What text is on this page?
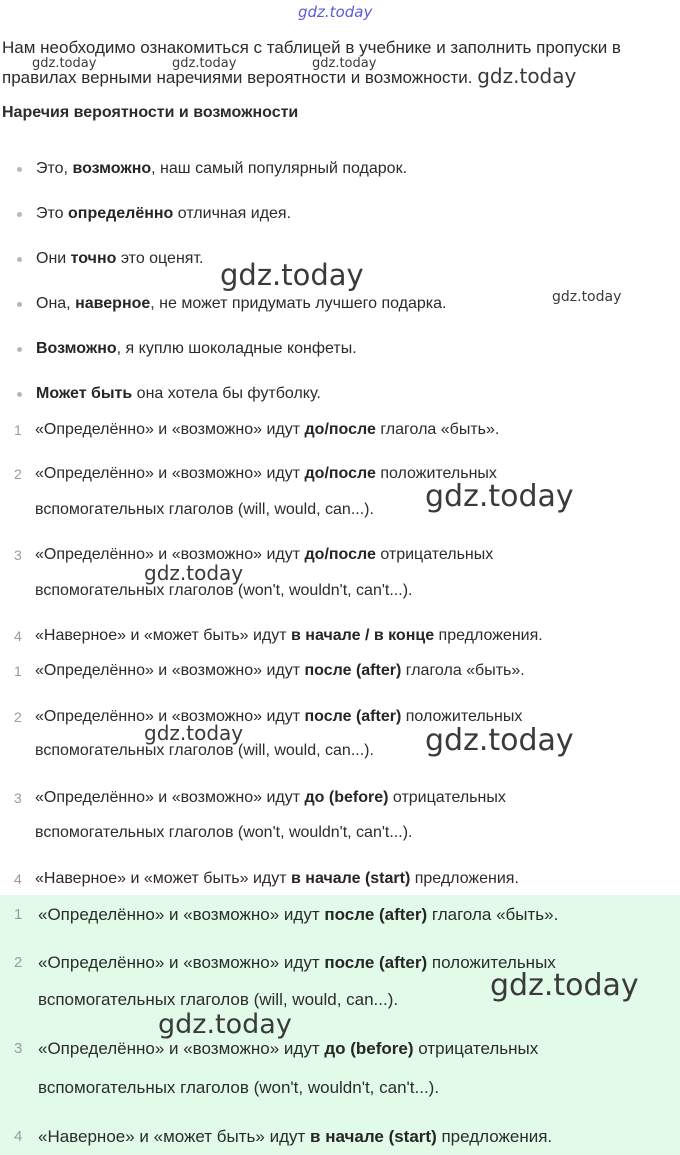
gdz.today
Нам необходимо ознакомиться с таблицей в учебнике и заполнить пропуски в
правилах верными наречиями вероятности и возможности. gdz.today
gdz.today	gdz.today	gdz.today
Наречия вероятности и возможности
Это, возможно, наш самый популярный подарок.
Это определённо отличная идея.
Они точно это оценят.
Она, наверное, не может придумать лучшего подарка.
Возможно, я куплю шоколадные конфеты.
Может быть она хотела бы футболку.
gdz.today
gdz.today
1 «Определённо» и «возможно» идут до/после глагола «быть».
2 «Определённо» и «возможно» идут до/после положительных
вспомогательных глаголов (will, would, can...).
3 «Определённо» и «возможно» идут до/после отрицательных
вспомогательных глаголов (won't, wouldn't, can't...).
4 «Наверное» и «может быть» идут в начале / в конце предложения.
gdz.today
gdz.today
1 «Определённо» и «возможно» идут после (after) глагола «быть».
2 «Определённо» и «возможно» идут после (after) положительных
вспомогательных глаголов (will, would, can...).
3 «Определённо» и «возможно» идут до (before) отрицательных
вспомогательных глаголов (won't, wouldn't, can't...).
4 «Наверное» и «может быть» идут в начале (start) предложения.
gdz.today	gdz.today
1 «Определённо» и «возможно» идут после (after) глагола «быть».
2 «Определённо» и «возможно» идут после (after) положительных
вспомогательных глаголов (will, would, can...).
3 «Определённо» и «возможно» идут до (before) отрицательных
вспомогательных глаголов (won't, wouldn't, can't...).
4 «Наверное» и «может быть» идут в начале (start) предложения.
gdz.today
gdz.today
